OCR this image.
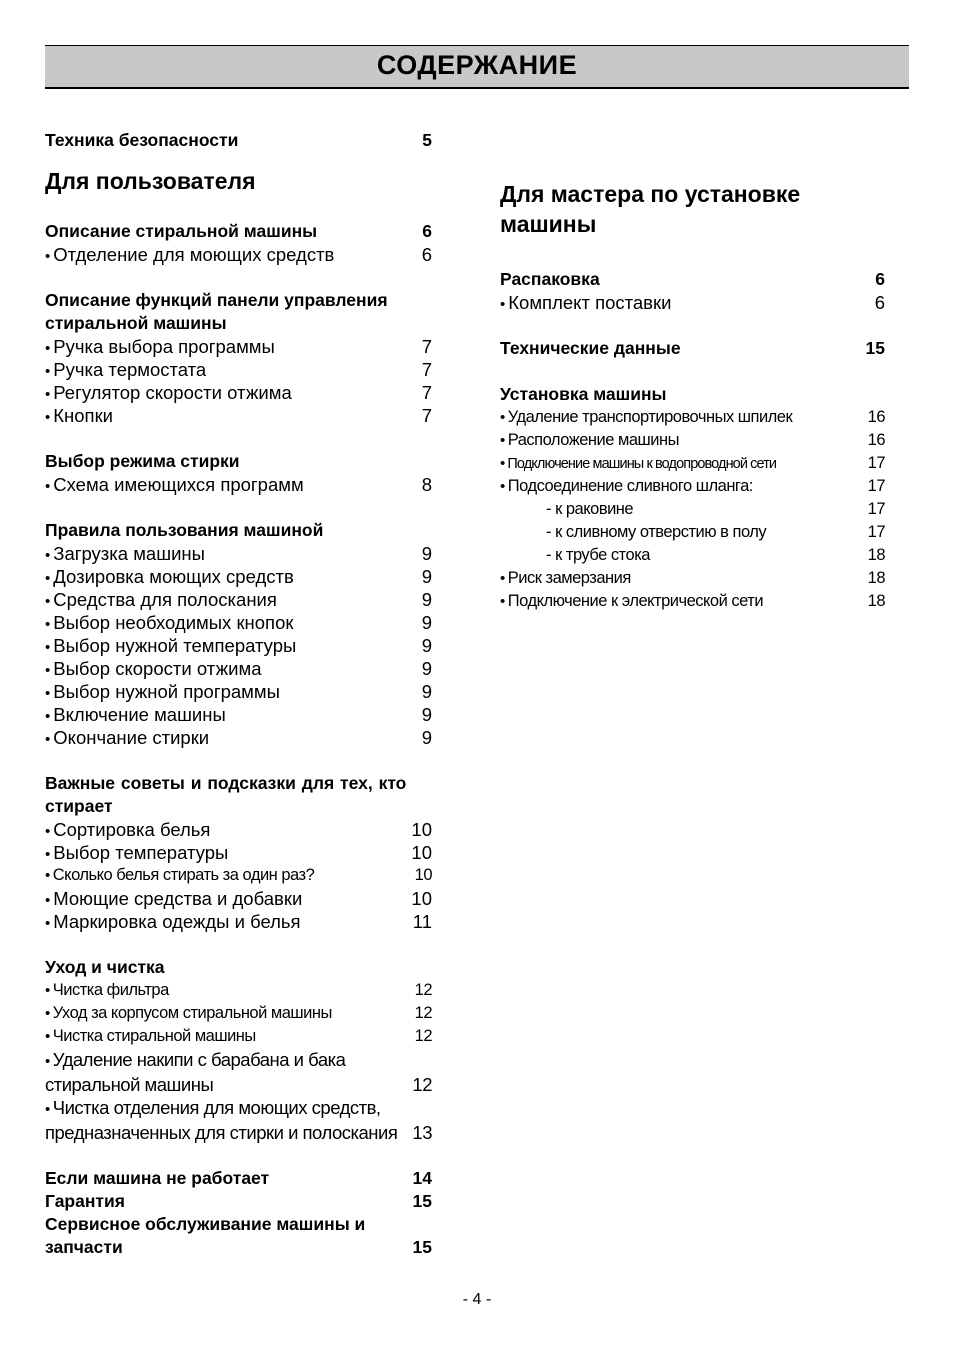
СОДЕРЖАНИЕ
Техника безопасности	5
Для пользователя
Описание стиральной машины	6
• Отделение для моющих средств	6
Описание функций панели управления стиральной машины
• Ручка выбора программы	7
• Ручка термостата	7
• Регулятор скорости отжима	7
• Кнопки	7
Выбор режима стирки
• Схема имеющихся программ	8
Правила пользования машиной
• Загрузка машины	9
• Дозировка моющих средств	9
• Средства для полоскания	9
• Выбор необходимых кнопок	9
• Выбор нужной температуры	9
• Выбор скорости отжима	9
• Выбор нужной программы	9
• Включение машины	9
• Окончание стирки	9
Важные советы и подсказки для тех, кто стирает
• Сортировка белья	10
• Выбор температуры	10
• Сколько белья стирать за один раз?	10
• Моющие средства и добавки	10
• Маркировка одежды и белья	11
Уход и чистка
• Чистка фильтра	12
• Уход за корпусом стиральной машины	12
• Чистка стиральной машины	12
• Удаление накипи с барабана и бака стиральной машины	12
• Чистка отделения для моющих средств, предназначенных для стирки и полоскания 13
Если машина не работает	14
Гарантия	15
Сервисное обслуживание машины и запчасти	15
Для мастера по установке машины
Распаковка	6
• Комплект поставки	6
Технические данные	15
Установка машины
• Удаление транспортировочных шпилек	16
• Расположение машины	16
• Подключение машины к водопроводной сети	17
• Подсоединение сливного шланга:	17
- к раковине	17
- к сливному отверстию в полу	17
- к трубе стока	18
• Риск замерзания	18
• Подключение к электрической сети	18
- 4 -
